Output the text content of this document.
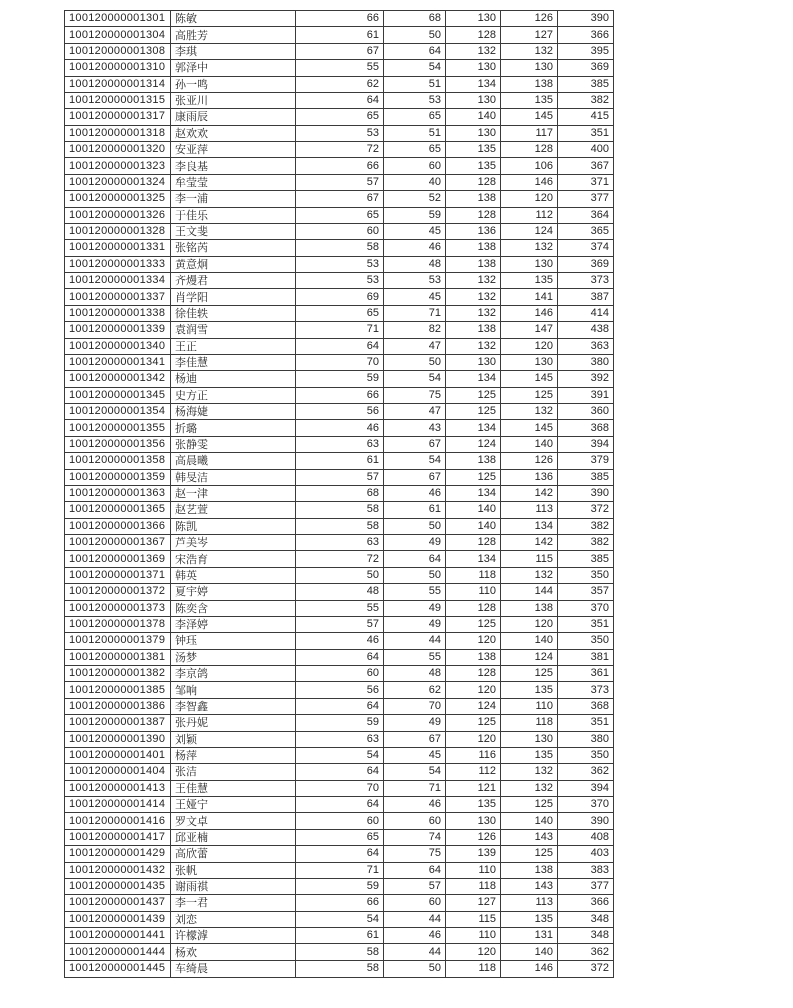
100120000001301	陈敏	66	68	130	126	390
100120000001304	高胜芳	61	50	128	127	366
100120000001308	李琪	67	64	132	132	395
100120000001310	郭泽中	55	54	130	130	369
100120000001314	孙一鸣	62	51	134	138	385
100120000001315	张亚川	64	53	130	135	382
100120000001317	康雨辰	65	65	140	145	415
100120000001318	赵欢欢	53	51	130	117	351
100120000001320	安亚萍	72	65	135	128	400
100120000001323	李良基	66	60	135	106	367
100120000001324	牟莹莹	57	40	128	146	371
100120000001325	李一浦	67	52	138	120	377
100120000001326	于佳乐	65	59	128	112	364
100120000001328	王文斐	60	45	136	124	365
100120000001331	张铭芮	58	46	138	132	374
100120000001333	黄意炯	53	48	138	130	369
100120000001334	齐熳君	53	53	132	135	373
100120000001337	肖学阳	69	45	132	141	387
100120000001338	徐佳轶	65	71	132	146	414
100120000001339	袁润雪	71	82	138	147	438
100120000001340	王正	64	47	132	120	363
100120000001341	李佳慧	70	50	130	130	380
100120000001342	杨迪	59	54	134	145	392
100120000001345	史方正	66	75	125	125	391
100120000001354	杨海婕	56	47	125	132	360
100120000001355	折璐	46	43	134	145	368
100120000001356	张静雯	63	67	124	140	394
100120000001358	高晨曦	61	54	138	126	379
100120000001359	韩旻洁	57	67	125	136	385
100120000001363	赵一津	68	46	134	142	390
100120000001365	赵艺萱	58	61	140	113	372
100120000001366	陈凯	58	50	140	134	382
100120000001367	芦美岑	63	49	128	142	382
100120000001369	宋浩育	72	64	134	115	385
100120000001371	韩英	50	50	118	132	350
100120000001372	夏宇婷	48	55	110	144	357
100120000001373	陈奕含	55	49	128	138	370
100120000001378	李泽婷	57	49	125	120	351
100120000001379	钟珏	46	44	120	140	350
100120000001381	汤梦	64	55	138	124	381
100120000001382	李京鸽	60	48	128	125	361
100120000001385	邹响	56	62	120	135	373
100120000001386	李智鑫	64	70	124	110	368
100120000001387	张丹妮	59	49	125	118	351
100120000001390	刘颖	63	67	120	130	380
100120000001401	杨萍	54	45	116	135	350
100120000001404	张洁	64	54	112	132	362
100120000001413	王佳慧	70	71	121	132	394
100120000001414	王娅宁	64	46	135	125	370
100120000001416	罗文卓	60	60	130	140	390
100120000001417	邱亚楠	65	74	126	143	408
100120000001429	高欣蕾	64	75	139	125	403
100120000001432	张帆	71	64	110	138	383
100120000001435	谢雨祺	59	57	118	143	377
100120000001437	李一君	66	60	127	113	366
100120000001439	刘恋	54	44	115	135	348
100120000001441	许檬滹	61	46	110	131	348
100120000001444	杨欢	58	44	120	140	362
100120000001445	车绮晨	58	50	118	146	372
